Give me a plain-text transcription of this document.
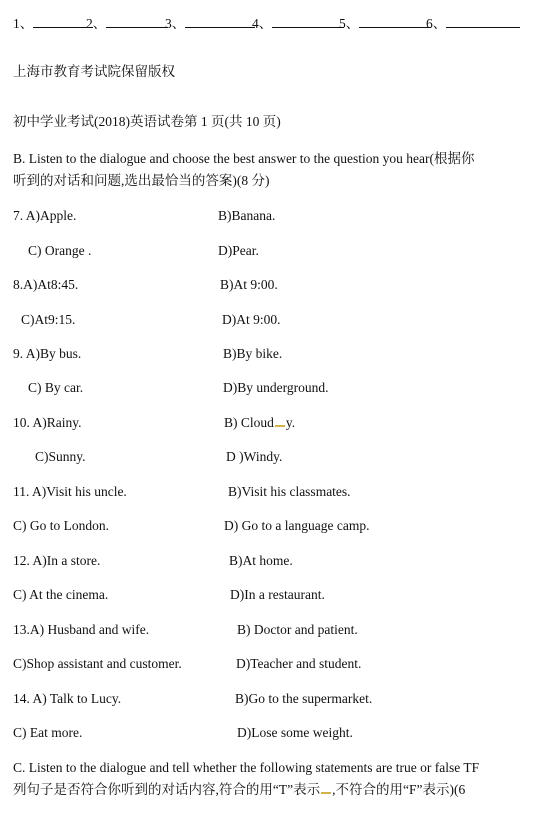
1、	2、	3、	4、	5、	6、
上海市教育考试院保留版权
初中学业考试(2018)英语试卷第 1 页(共 10 页)
B. Listen to the dialogue and choose the best answer to the question you hear(根据你
听到的对话和问题,选出最恰当的答案)(8 分)
7. A)Apple.	B)Banana.
C) Orange .	D)Pear.
8.A)At8:45.	B)At 9:00.
C)At9:15.	D)At 9:00.
9. A)By bus.	B)By bike.
C) By car.	D)By underground.
10. A)Rainy.	B) Cloud y.
C)Sunny.	D )Windy.
11. A)Visit his uncle.	B)Visit his classmates.
C) Go to London.	D) Go to a language camp.
12. A)In a store.	B)At home.
C) At the cinema.	D)In a restaurant.
13.A) Husband and wife.	B) Doctor and patient.
C)Shop assistant and customer.	D)Teacher and student.
14. A) Talk to Lucy.	B)Go to the supermarket.
C) Eat more.	D)Lose some weight.
C. Listen to the dialogue and tell whether the following statements are true or false TF
列句子是否符合你听到的对话内容,符合的用“T”表示 ,不符合的用“F”表示)(6
